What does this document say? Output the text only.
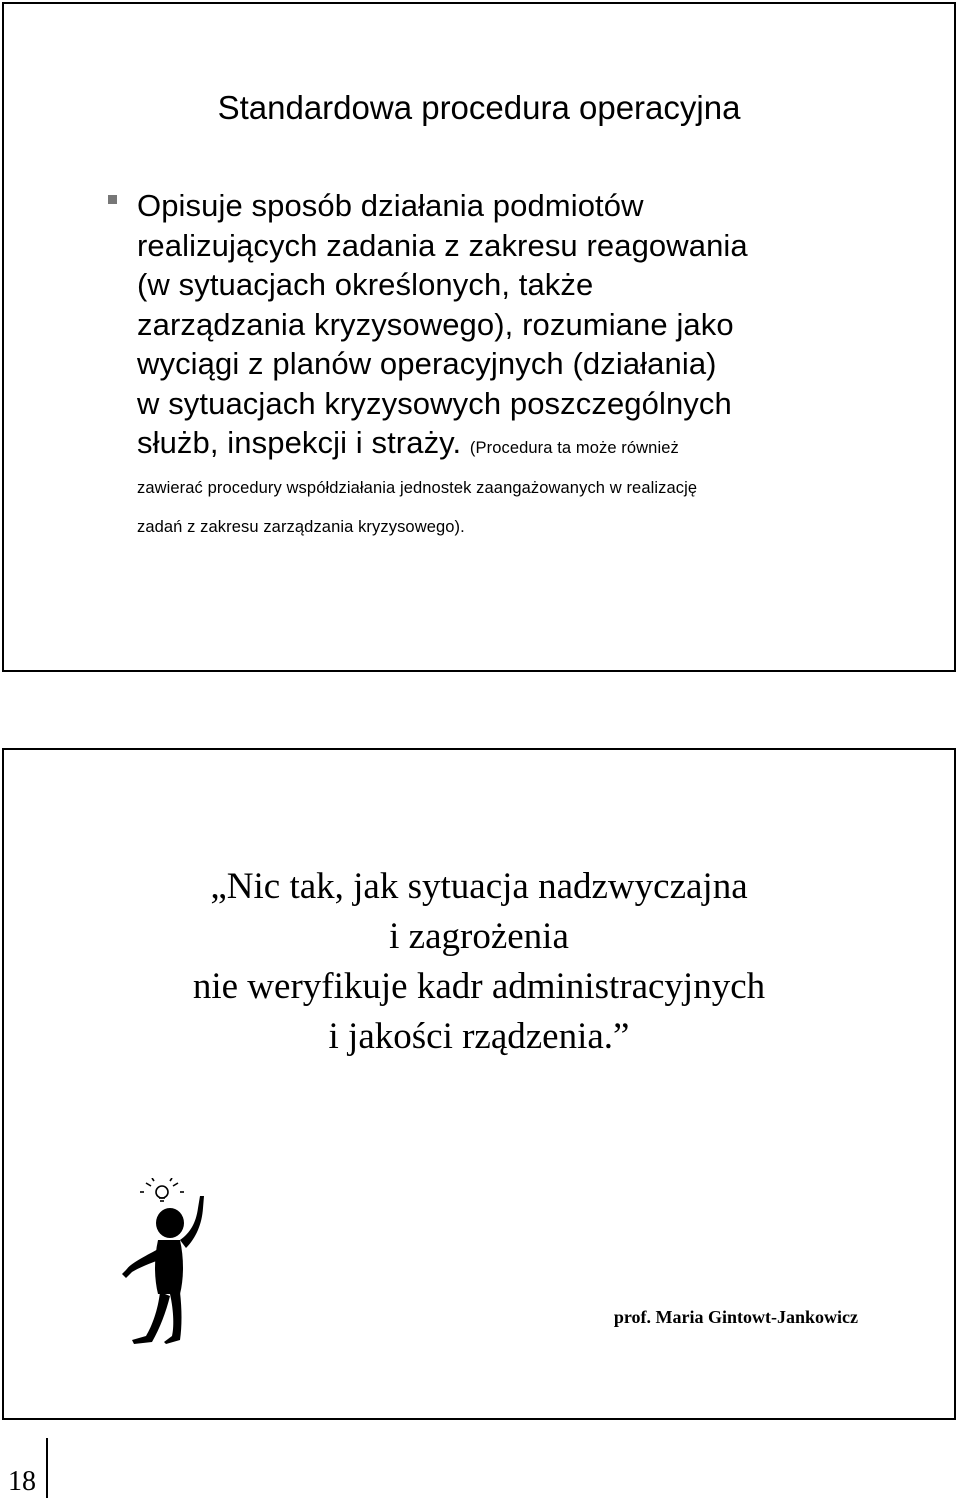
Standardowa procedura operacyjna
Opisuje sposób działania podmiotów
realizujących zadania z zakresu reagowania
(w sytuacjach określonych, także
zarządzania kryzysowego), rozumiane jako
wyciągi z planów operacyjnych (działania)
w sytuacjach kryzysowych poszczególnych
służb, inspekcji i straży. (Procedura ta może również
zawierać procedury współdziałania jednostek zaangażowanych w realizację
zadań z zakresu zarządzania kryzysowego).
„Nic tak, jak sytuacja nadzwyczajna
i zagrożenia
nie weryfikuje kadr administracyjnych
i jakości rządzenia.”
prof. Maria Gintowt-Jankowicz
18
